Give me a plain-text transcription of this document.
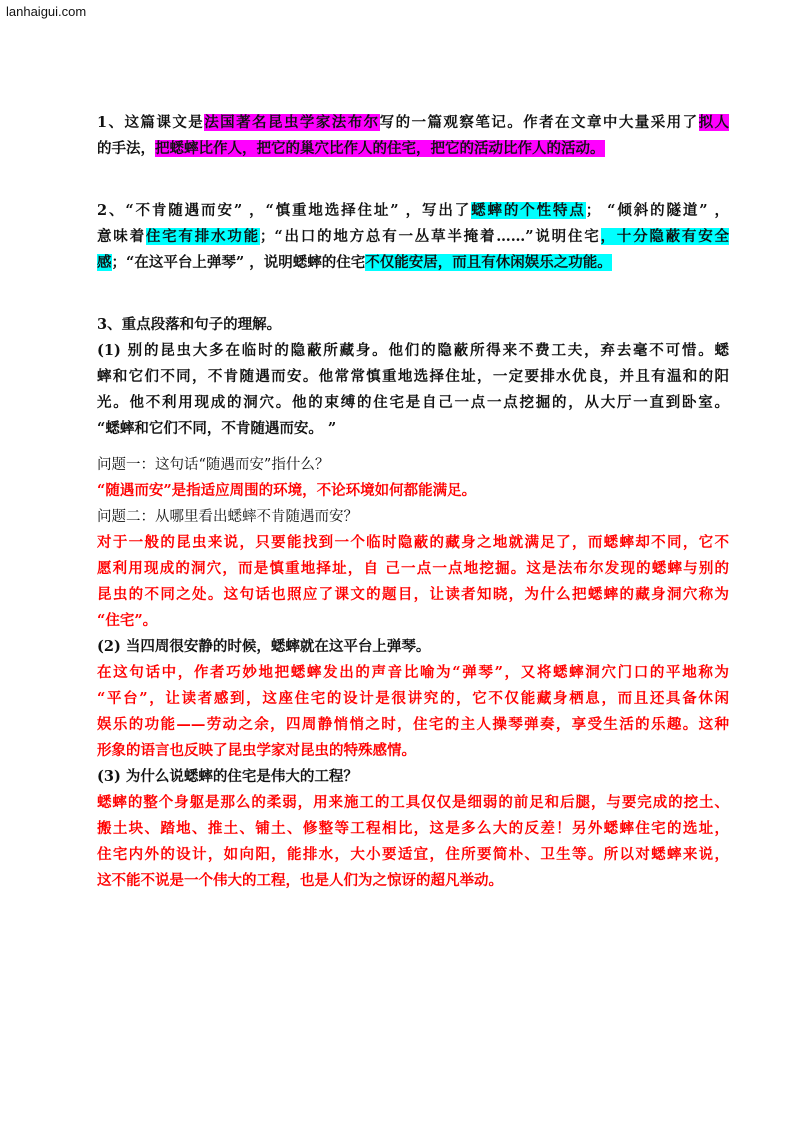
lanhaigui.com
1、这篇课文是法国著名昆虫学家法布尔写的一篇观察笔记。作者在文章中大量采用了拟人
的手法，把蟋蟀比作人，把它的巢穴比作人的住宅，把它的活动比作人的活动。
2、“不肯随遇而安” ，“慎重地选择住址” ，写出了蟋蟀的个性特点； “倾斜的隧道” ，
意味着住宅有排水功能；“出口的地方总有一丛草半掩着……”说明住宅，十分隐蔽有安全
感；“在这平台上弹琴” ，说明蟋蟀的住宅不仅能安居，而且有休闲娱乐之功能。
3、重点段落和句子的理解。
(1) 别的昆虫大多在临时的隐蔽所藏身。他们的隐蔽所得来不费工夫，弃去毫不可惜。蟋
蟀和它们不同，不肯随遇而安。他常常慎重地选择住址，一定要排水优良，并且有温和的阳
光。他不利用现成的洞穴。他的束缚的住宅是自己一点一点挖掘的，从大厅一直到卧室。
“蟋蟀和它们不同，不肯随遇而安。 ”
问题一：这句话“随遇而安”指什么？
“随遇而安”是指适应周围的环境，不论环境如何都能满足。
问题二：从哪里看出蟋蟀不肯随遇而安？
对于一般的昆虫来说，只要能找到一个临时隐蔽的藏身之地就满足了，而蟋蟀却不同，它不
愿利用现成的洞穴，而是慎重地择址，自 己一点一点地挖掘。这是法布尔发现的蟋蟀与别的
昆虫的不同之处。这句话也照应了课文的题目，让读者知晓，为什么把蟋蟀的藏身洞穴称为
“住宅”。
(2) 当四周很安静的时候，蟋蟀就在这平台上弹琴。
在这句话中，作者巧妙地把蟋蟀发出的声音比喻为“弹琴”，又将蟋蟀洞穴门口的平地称为
“平台”，让读者感到，这座住宅的设计是很讲究的，它不仅能藏身栖息，而且还具备休闲
娱乐的功能——劳动之余，四周静悄悄之时，住宅的主人操琴弹奏，享受生活的乐趣。这种
形象的语言也反映了昆虫学家对昆虫的特殊感情。
(3) 为什么说蟋蟀的住宅是伟大的工程？
蟋蟀的整个身躯是那么的柔弱，用来施工的工具仅仅是细弱的前足和后腿，与要完成的挖土、
搬土块、踏地、推土、铺土、修整等工程相比，这是多么大的反差！另外蟋蟀住宅的选址，
住宅内外的设计，如向阳，能排水，大小要适宜，住所要简朴、卫生等。所以对蟋蟀来说，
这不能不说是一个伟大的工程，也是人们为之惊讶的超凡举动。
